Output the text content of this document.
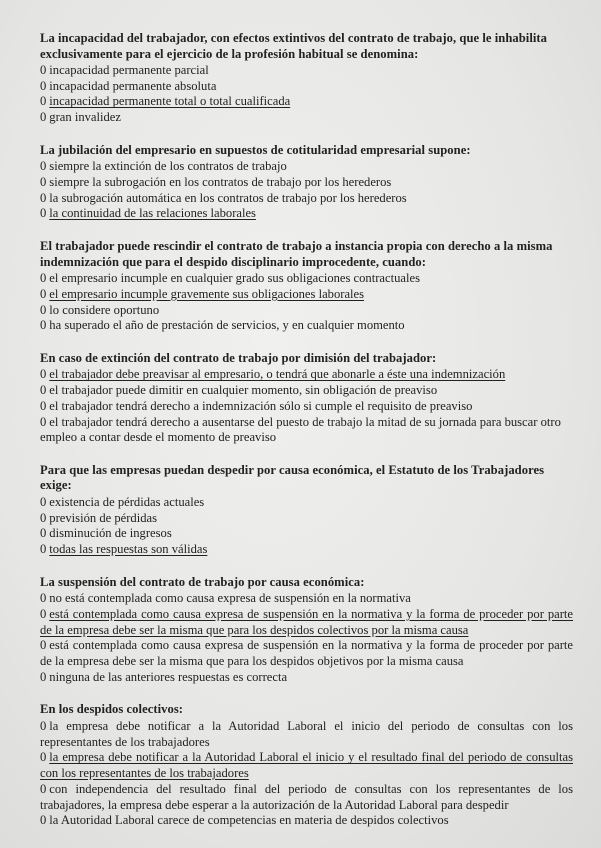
La incapacidad del trabajador, con efectos extintivos del contrato de trabajo, que le inhabilita exclusivamente para el ejercicio de la profesión habitual se denomina:

0 incapacidad permanente parcial

0 incapacidad permanente absoluta

0 incapacidad permanente total o total cualificada

0 gran invalidez

La jubilación del empresario en supuestos de cotitularidad empresarial supone:

0 siempre la extinción de los contratos de trabajo

0 siempre la subrogación en los contratos de trabajo por los herederos

0 la subrogación automática en los contratos de trabajo por los herederos

0 la continuidad de las relaciones laborales

El trabajador puede rescindir el contrato de trabajo a instancia propia con derecho a la misma indemnización que para el despido disciplinario improcedente, cuando:

0 el empresario incumple en cualquier grado sus obligaciones contractuales

0 el empresario incumple gravemente sus obligaciones laborales

0 lo considere oportuno

0 ha superado el año de prestación de servicios, y en cualquier momento

En caso de extinción del contrato de trabajo por dimisión del trabajador:

0 el trabajador debe preavisar al empresario, o tendrá que abonarle a éste una indemnización

0 el trabajador puede dimitir en cualquier momento, sin obligación de preaviso

0 el trabajador tendrá derecho a indemnización sólo si cumple el requisito de preaviso

0 el trabajador tendrá derecho a ausentarse del puesto de trabajo la mitad de su jornada para buscar otro empleo a contar desde el momento de preaviso

Para que las empresas puedan despedir por causa económica, el Estatuto de los Trabajadores exige:

0 existencia de pérdidas actuales

0 previsión de pérdidas

0 disminución de ingresos

0 todas las respuestas son válidas

La suspensión del contrato de trabajo por causa económica:

0 no está contemplada como causa expresa de suspensión en la normativa

0 está contemplada como causa expresa de suspensión en la normativa y la forma de proceder por parte de la empresa debe ser la misma que para los despidos colectivos por la misma causa

0 está contemplada como causa expresa de suspensión en la normativa y la forma de proceder por parte de la empresa debe ser la misma que para los despidos objetivos por la misma causa

0 ninguna de las anteriores respuestas es correcta

En los despidos colectivos:

0 la empresa debe notificar a la Autoridad Laboral el inicio del periodo de consultas con los representantes de los trabajadores

0 la empresa debe notificar a la Autoridad Laboral el inicio y el resultado final del periodo de consultas con los representantes de los trabajadores

0 con independencia del resultado final del periodo de consultas con los representantes de los trabajadores, la empresa debe esperar a la autorización de la Autoridad Laboral para despedir

0 la Autoridad Laboral carece de competencias en materia de despidos colectivos
